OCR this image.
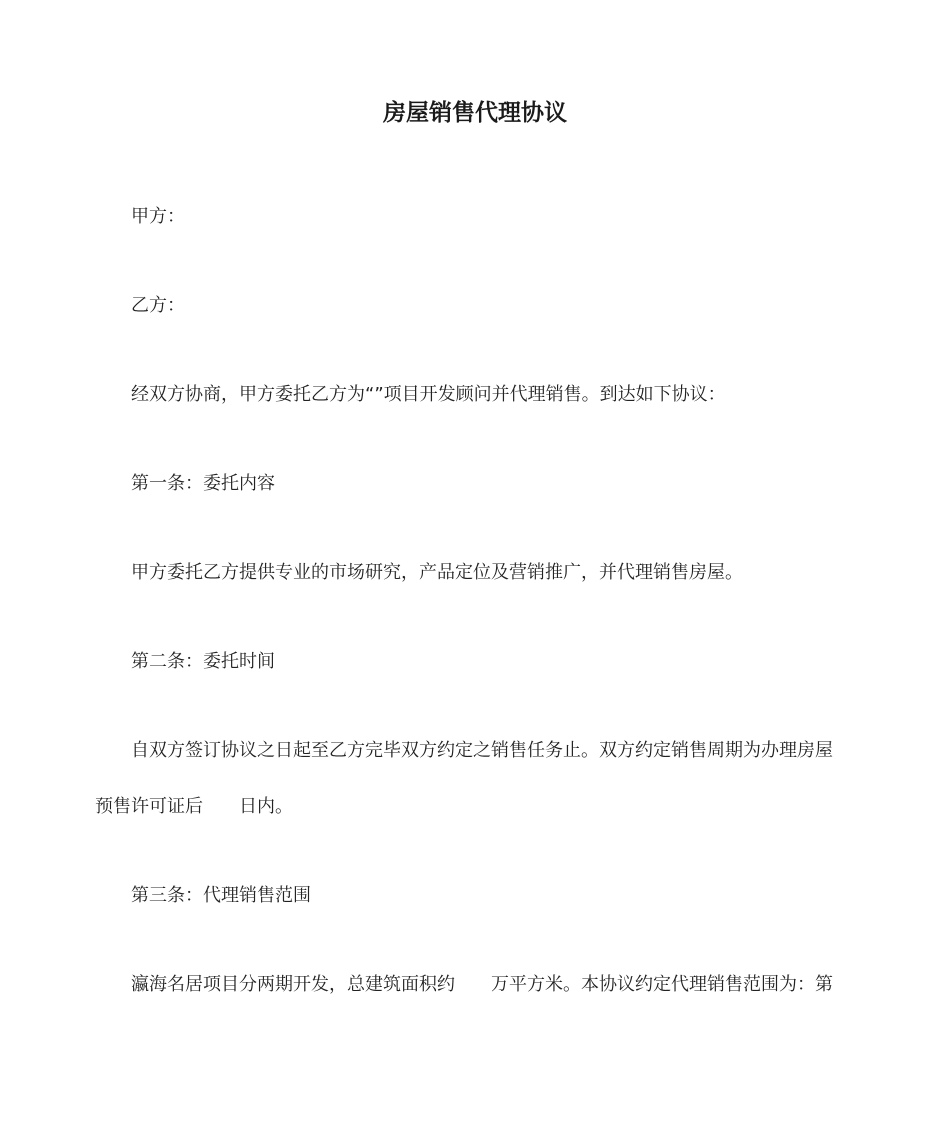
房屋销售代理协议
甲方：
乙方：
经双方协商，甲方委托乙方为“”项目开发顾问并代理销售。到达如下协议：
第一条：委托内容
甲方委托乙方提供专业的市场研究，产品定位及营销推广，并代理销售房屋。
第二条：委托时间
自双方签订协议之日起至乙方完毕双方约定之销售任务止。双方约定销售周期为办理房屋
预售许可证后　　日内。
第三条：代理销售范围
瀛海名居项目分两期开发，总建筑面积约　　万平方米。本协议约定代理销售范围为：第
